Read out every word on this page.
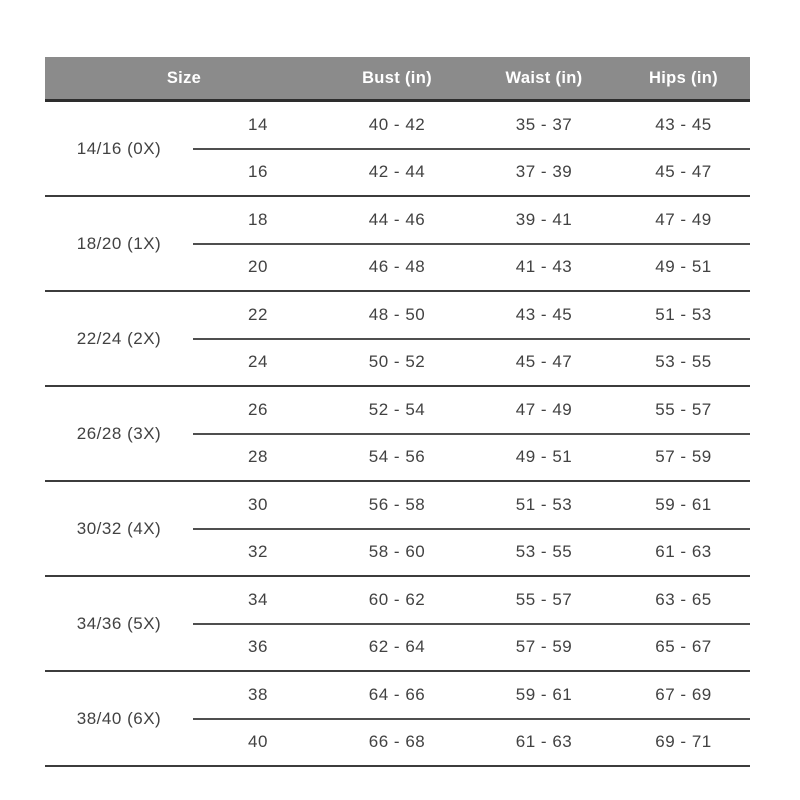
Size		Bust (in)	Waist (in)	Hips (in)
14/16 (0X)	14	40 - 42	35 - 37	43 - 45
	16	42 - 44	37 - 39	45 - 47
18/20 (1X)	18	44 - 46	39 - 41	47 - 49
	20	46 - 48	41 - 43	49 - 51
22/24 (2X)	22	48 - 50	43 - 45	51 - 53
	24	50 - 52	45 - 47	53 - 55
26/28 (3X)	26	52 - 54	47 - 49	55 - 57
	28	54 - 56	49 - 51	57 - 59
30/32 (4X)	30	56 - 58	51 - 53	59 - 61
	32	58 - 60	53 - 55	61 - 63
34/36 (5X)	34	60 - 62	55 - 57	63 - 65
	36	62 - 64	57 - 59	65 - 67
38/40 (6X)	38	64 - 66	59 - 61	67 - 69
	40	66 - 68	61 - 63	69 - 71
